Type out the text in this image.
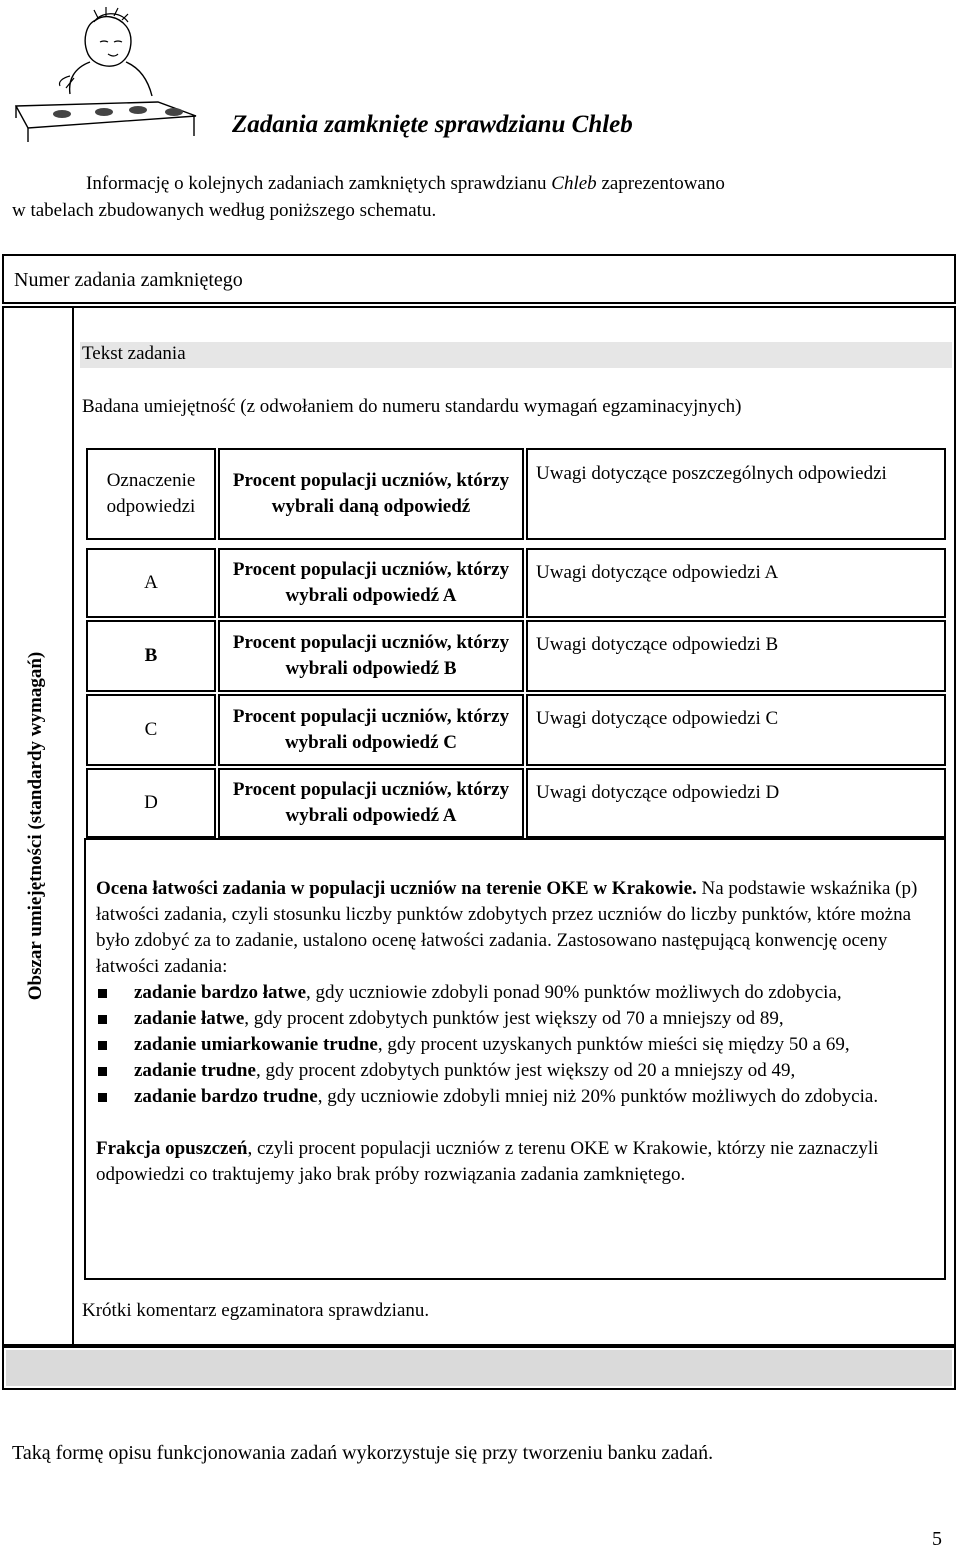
Zadania zamknięte sprawdzianu Chleb
Informację o kolejnych zadaniach zamkniętych sprawdzianu Chleb zaprezentowano
w tabelach zbudowanych według poniższego schematu.
Numer zadania zamkniętego
Obszar umiejętności (standardy wymagań)
Tekst zadania
Badana umiejętność (z odwołaniem do numeru standardu wymagań egzaminacyjnych)
Oznaczenie odpowiedzi
Procent populacji uczniów, którzy wybrali daną odpowiedź
Uwagi dotyczące poszczególnych odpowiedzi
A
Procent populacji uczniów, którzy wybrali odpowiedź A
Uwagi dotyczące odpowiedzi A
B
Procent populacji uczniów, którzy wybrali odpowiedź B
Uwagi dotyczące odpowiedzi B
C
Procent populacji uczniów, którzy wybrali odpowiedź C
Uwagi dotyczące odpowiedzi C
D
Procent populacji uczniów, którzy wybrali odpowiedź A
Uwagi dotyczące odpowiedzi D

Ocena łatwości zadania w populacji uczniów na terenie OKE w Krakowie. Na podstawie wskaźnika (p) łatwości zadania, czyli stosunku liczby punktów zdobytych przez uczniów do liczby punktów, które można było zdobyć za to zadanie, ustalono ocenę łatwości zadania. Zastosowano następującą konwencję oceny łatwości zadania:

zadanie bardzo łatwe, gdy uczniowie zdobyli ponad 90% punktów możliwych do zdobycia,
zadanie łatwe, gdy procent zdobytych punktów jest większy od 70 a mniejszy od 89,
zadanie umiarkowanie trudne, gdy procent uzyskanych punktów mieści się między 50 a 69,
zadanie trudne, gdy procent zdobytych punktów jest większy od 20 a mniejszy od 49,
zadanie bardzo trudne, gdy uczniowie zdobyli mniej niż 20% punktów możliwych do zdobycia.

Frakcja opuszczeń, czyli procent populacji uczniów z terenu OKE w Krakowie, którzy nie zaznaczyli odpowiedzi co traktujemy jako brak próby rozwiązania zadania zamkniętego.

Krótki komentarz egzaminatora sprawdzianu.
Taką formę opisu funkcjonowania zadań wykorzystuje się przy tworzeniu banku zadań.
5
